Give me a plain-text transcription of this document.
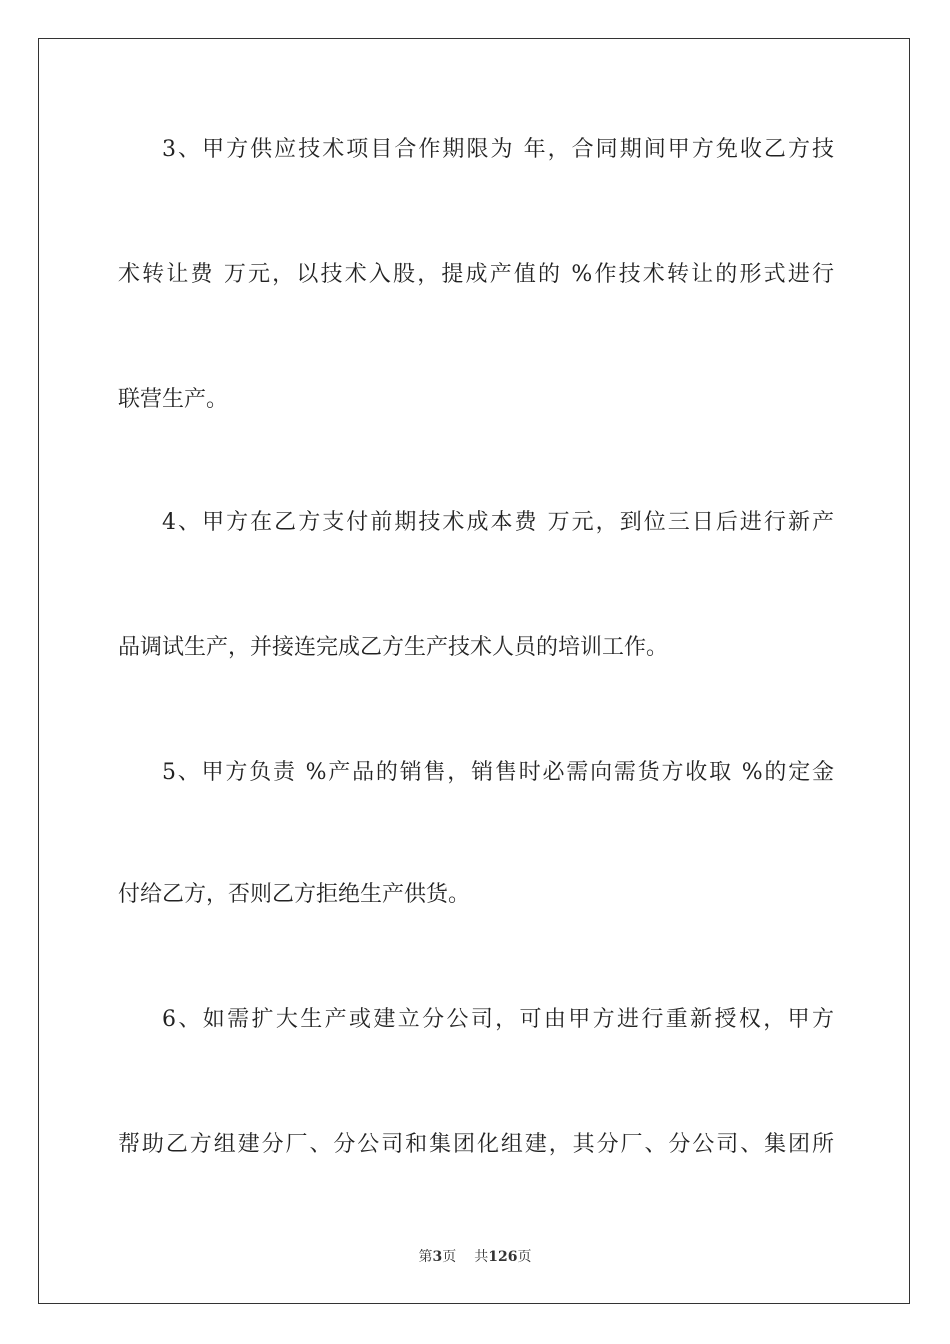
3、甲方供应技术项目合作期限为 年，合同期间甲方免收乙方技
术转让费 万元，以技术入股，提成产值的 %作技术转让的形式进行
联营生产。
4、甲方在乙方支付前期技术成本费 万元，到位三日后进行新产
品调试生产，并接连完成乙方生产技术人员的培训工作。
5、甲方负责 %产品的销售，销售时必需向需货方收取 %的定金
付给乙方，否则乙方拒绝生产供货。
6、如需扩大生产或建立分公司，可由甲方进行重新授权，甲方
帮助乙方组建分厂、分公司和集团化组建，其分厂、分公司、集团所
第3页 共126页
